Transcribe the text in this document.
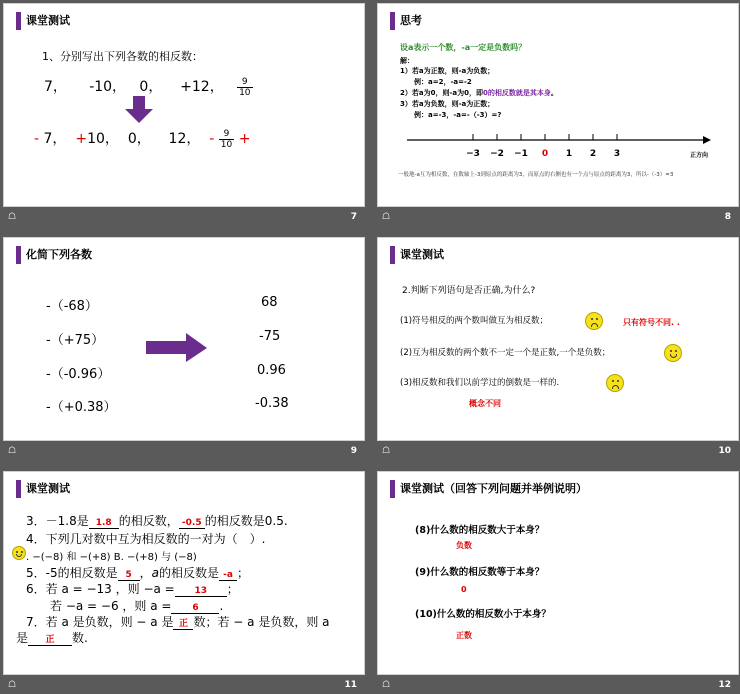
课堂测试
1、分别写出下列各数的相反数：
7， -10， 0， +12， $\frac{9}{10}$
- 7， +10， 0， 12， - $\frac{9}{10}$ +
☖	7
思考
设a表示一个数，-a一定是负数吗？
解：
1）若a为正数，则-a为负数；
例：a=2，-a=-2
2）若a为0，则-a为0，即0的相反数就是其本身。
3）若a为负数，则-a为正数；
例：a=-3，-a=-（-3）=?
−3 −2 −1 0 1 2 3	正方向
一般地-a互为相反数，在数轴上-3到原点的距离为3，而原点的右侧也有一个点与原点的距离为3，所以-（-3）=3
☖	8
化简下列各数
-（-68）
-（+75）
-（-0.96）
-（+0.38）
68
-75
0.96
-0.38
☖	9
课堂测试
2.判断下列语句是否正确,为什么?
(1)符号相反的两个数叫做互为相反数；	只有符号不同. .
(2)互为相反数的两个数不一定一个是正数,一个是负数；
(3)相反数和我们以前学过的倒数是一样的.
概念不同
☖	10
课堂测试
3．－1.8是 1.8 的相反数， -0.5 的相反数是0.5.
4．下列几对数中互为相反数的一对为（　）.
. −(−8) 和 −(+8) B. −(+8) 与 (−8)
5．-5的相反数是 5 ，a的相反数是 -a ；
6．若 a = −13 ，则 −a = 13 ；
若 −a = −6 ，则 a = 6 .
7．若 a 是负数，则 − a 是 正 数；若 − a 是负数，则 a
是 正 数.
☖	11
课堂测试（回答下列问题并举例说明）
(8)什么数的相反数大于本身？
负数
(9)什么数的相反数等于本身？
0
(10)什么数的相反数小于本身？
正数
☖	12
